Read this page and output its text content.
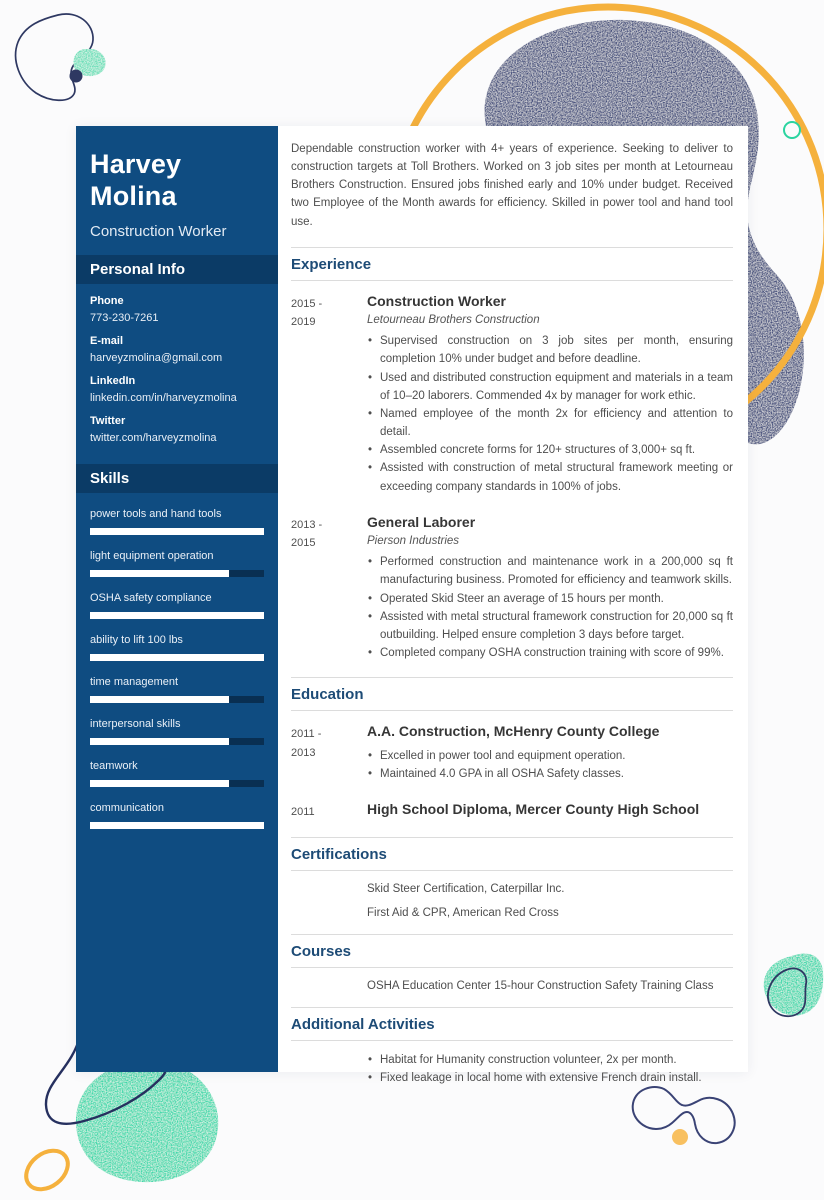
Harvey Molina
Construction Worker
Personal Info
Phone
773-230-7261
E-mail
harveyzmolina@gmail.com
LinkedIn
linkedin.com/in/harveyzmolina
Twitter
twitter.com/harveyzmolina
Skills
power tools and hand tools
light equipment operation
OSHA safety compliance
ability to lift 100 lbs
time management
interpersonal skills
teamwork
communication

Dependable construction worker with 4+ years of experience. Seeking to deliver to construction targets at Toll Brothers. Worked on 3 job sites per month at Letourneau Brothers Construction. Ensured jobs finished early and 10% under budget. Received two Employee of the Month awards for efficiency. Skilled in power tool and hand tool use.

Experience
2015 -
2019
Construction Worker
Letourneau Brothers Construction
• Supervised construction on 3 job sites per month, ensuring completion 10% under budget and before deadline.
• Used and distributed construction equipment and materials in a team of 10–20 laborers. Commended 4x by manager for work ethic.
• Named employee of the month 2x for efficiency and attention to detail.
• Assembled concrete forms for 120+ structures of 3,000+ sq ft.
• Assisted with construction of metal structural framework meeting or exceeding company standards in 100% of jobs.
2013 -
2015
General Laborer
Pierson Industries
• Performed construction and maintenance work in a 200,000 sq ft manufacturing business. Promoted for efficiency and teamwork skills.
• Operated Skid Steer an average of 15 hours per month.
• Assisted with metal structural framework construction for 20,000 sq ft outbuilding. Helped ensure completion 3 days before target.
• Completed company OSHA construction training with score of 99%.
Education
2011 -
2013
A.A. Construction, McHenry County College
• Excelled in power tool and equipment operation.
• Maintained 4.0 GPA in all OSHA Safety classes.
2011	High School Diploma, Mercer County High School
Certifications
Skid Steer Certification, Caterpillar Inc.
First Aid & CPR, American Red Cross
Courses
OSHA Education Center 15-hour Construction Safety Training Class
Additional Activities
• Habitat for Humanity construction volunteer, 2x per month.
• Fixed leakage in local home with extensive French drain install.
